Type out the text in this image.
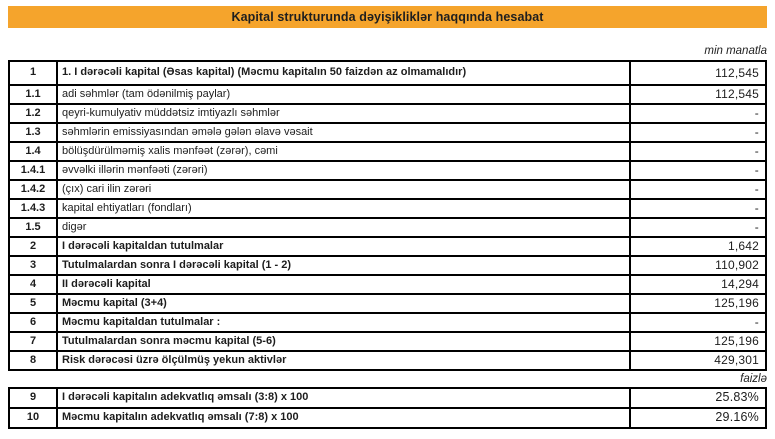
Kapital strukturunda dəyişikliklər haqqında hesabat
min manatla
1	1. I dərəcəli kapital (Əsas kapital) (Məcmu kapitalın 50 faizdən az olmamalıdır)	112,545
1.1	adi səhmlər (tam ödənilmiş paylar)	112,545
1.2	qeyri-kumulyativ müddətsiz imtiyazlı səhmlər	-
1.3	səhmlərin emissiyasından əmələ gələn əlavə vəsait	-
1.4	bölüşdürülməmiş xalis mənfəət (zərər), cəmi	-
1.4.1	əvvəlki illərin mənfəəti (zərəri)	-
1.4.2	(çıx) cari ilin zərəri	-
1.4.3	kapital ehtiyatları (fondları)	-
1.5	digər	-
2	I dərəcəli kapitaldan tutulmalar	1,642
3	Tutulmalardan sonra I dərəcəli kapital (1 - 2)	110,902
4	II dərəcəli kapital	14,294
5	Məcmu kapital (3+4)	125,196
6	Məcmu kapitaldan tutulmalar :	-
7	Tutulmalardan sonra məcmu kapital (5-6)	125,196
8	Risk dərəcəsi üzrə ölçülmüş yekun aktivlər	429,301
faizlə
9	I dərəcəli kapitalın adekvatlıq əmsalı (3:8) x 100	25.83%
10	Məcmu kapitalın adekvatlıq əmsalı (7:8) x 100	29.16%
